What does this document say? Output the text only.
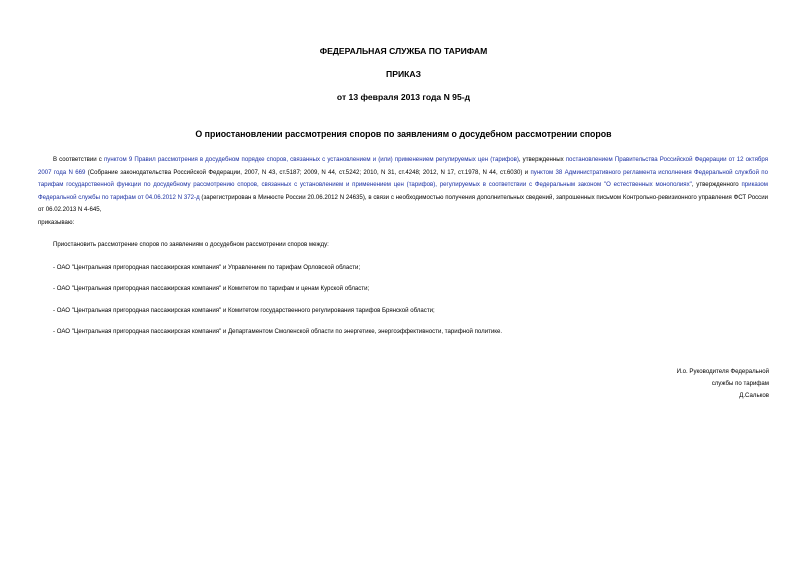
ФЕДЕРАЛЬНАЯ СЛУЖБА ПО ТАРИФАМ
ПРИКАЗ
от 13 февраля 2013 года N 95-д
О приостановлении рассмотрения споров по заявлениям о досудебном рассмотрении споров
В соответствии с пунктом 9 Правил рассмотрения в досудебном порядке споров, связанных с установлением и (или) применением регулируемых цен (тарифов), утвержденных постановлением Правительства Российской Федерации от 12 октября 2007 года N 669 (Собрание законодательства Российской Федерации, 2007, N 43, ст.5187; 2009, N 44, ст.5242; 2010, N 31, ст.4248; 2012, N 17, ст.1978, N 44, ст.6030) и пунктом 38 Административного регламента исполнения Федеральной службой по тарифам государственной функции по досудебному рассмотрению споров, связанных с установлением и применением цен (тарифов), регулируемых в соответствии с Федеральным законом "О естественных монополиях", утвержденного приказом Федеральной службы по тарифам от 04.06.2012 N 372-д (зарегистрирован в Минюсте России 20.06.2012 N 24635), в связи с необходимостью получения дополнительных сведений, запрошенных письмом Контрольно-ревизионного управления ФСТ России от 06.02.2013 N 4-645,
приказываю:
Приостановить рассмотрение споров по заявлениям о досудебном рассмотрении споров между:
- ОАО "Центральная пригородная пассажирская компания" и Управлением по тарифам Орловской области;
- ОАО "Центральная пригородная пассажирская компания" и Комитетом по тарифам и ценам Курской области;
- ОАО "Центральная пригородная пассажирская компания" и Комитетом государственного регулирования тарифов Брянской области;
- ОАО "Центральная пригородная пассажирская компания" и Департаментом Смоленской области по энергетике, энергоэффективности, тарифной политике.
И.о. Руководителя Федеральной
службы по тарифам
Д.Сальков
